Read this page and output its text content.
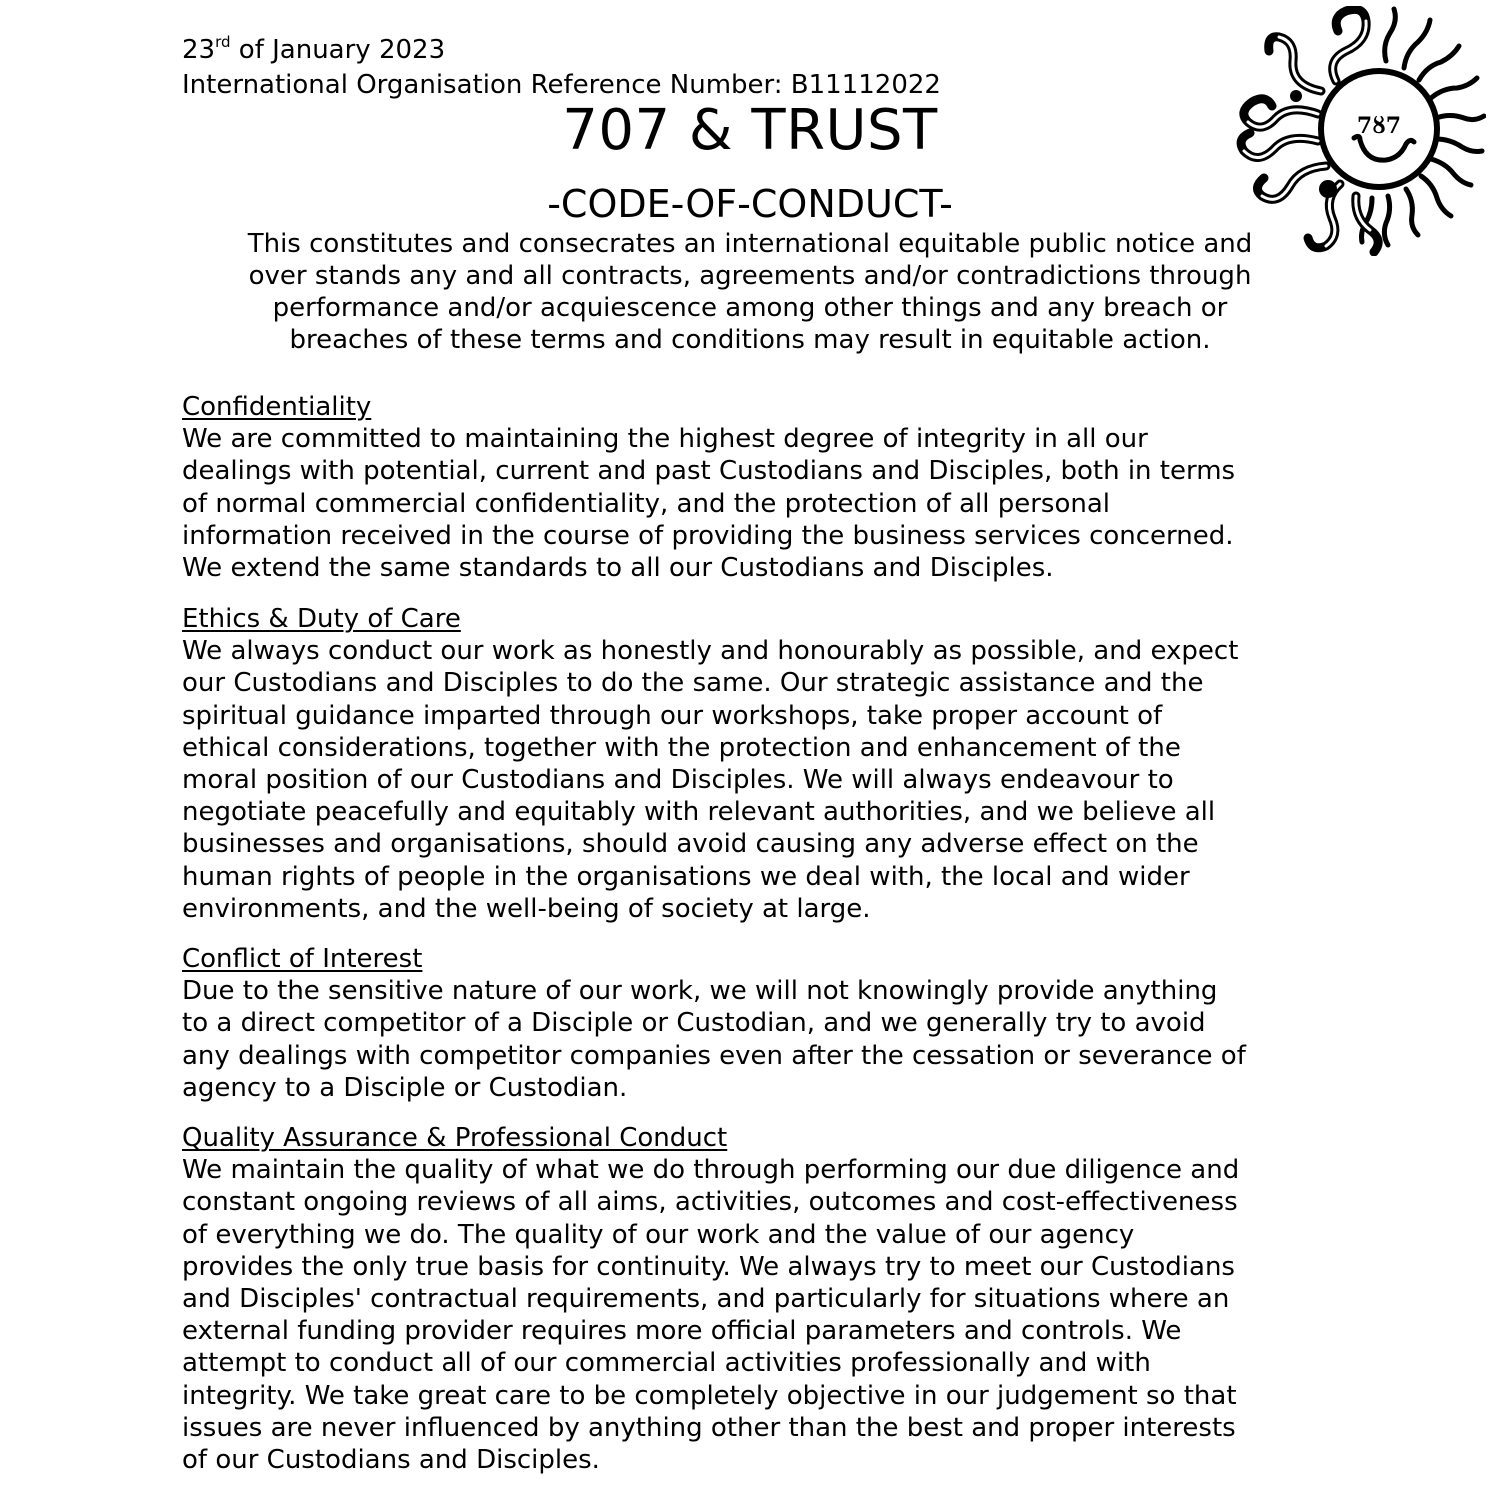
23rd of January 2023
International Organisation Reference Number: B11112022
7ȣ7
707 & TRUST
-CODE-OF-CONDUCT-
This constitutes and consecrates an international equitable public notice and
over stands any and all contracts, agreements and/or contradictions through
performance and/or acquiescence among other things and any breach or
breaches of these terms and conditions may result in equitable action.
Confidentiality
We are committed to maintaining the highest degree of integrity in all our
dealings with potential, current and past Custodians and Disciples, both in terms
of normal commercial confidentiality, and the protection of all personal
information received in the course of providing the business services concerned.
We extend the same standards to all our Custodians and Disciples.
Ethics & Duty of Care
We always conduct our work as honestly and honourably as possible, and expect
our Custodians and Disciples to do the same. Our strategic assistance and the
spiritual guidance imparted through our workshops, take proper account of
ethical considerations, together with the protection and enhancement of the
moral position of our Custodians and Disciples. We will always endeavour to
negotiate peacefully and equitably with relevant authorities, and we believe all
businesses and organisations, should avoid causing any adverse effect on the
human rights of people in the organisations we deal with, the local and wider
environments, and the well-being of society at large.
Conflict of Interest
Due to the sensitive nature of our work, we will not knowingly provide anything
to a direct competitor of a Disciple or Custodian, and we generally try to avoid
any dealings with competitor companies even after the cessation or severance of
agency to a Disciple or Custodian.
Quality Assurance & Professional Conduct
We maintain the quality of what we do through performing our due diligence and
constant ongoing reviews of all aims, activities, outcomes and cost-effectiveness
of everything we do. The quality of our work and the value of our agency
provides the only true basis for continuity. We always try to meet our Custodians
and Disciples' contractual requirements, and particularly for situations where an
external funding provider requires more official parameters and controls. We
attempt to conduct all of our commercial activities professionally and with
integrity. We take great care to be completely objective in our judgement so that
issues are never influenced by anything other than the best and proper interests
of our Custodians and Disciples.
